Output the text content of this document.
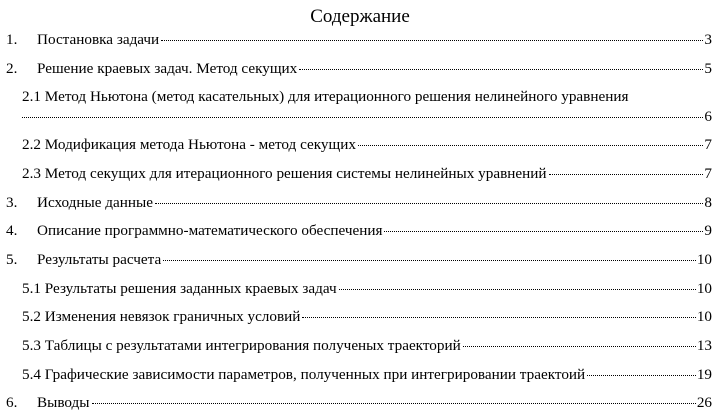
Содержание
1.	Постановка задачи	3
2.	Решение краевых задач. Метод секущих	5
2.1 Метод Ньютона (метод касательных) для итерационного решения нелинейного уравнения
6
2.2 Модификация метода Ньютона - метод секущих	7
2.3 Метод секущих для итерационного решения системы нелинейных уравнений	7
3.	Исходные данные	8
4.	Описание программно-математического обеспечения	9
5.	Результаты расчета	10
5.1 Результаты решения заданных краевых задач	10
5.2 Изменения невязок граничных условий	10
5.3 Таблицы с результатами интегрирования полученых траекторий	13
5.4 Графические зависимости параметров, полученных при интегрировании траектоий	19
6.	Выводы	26
